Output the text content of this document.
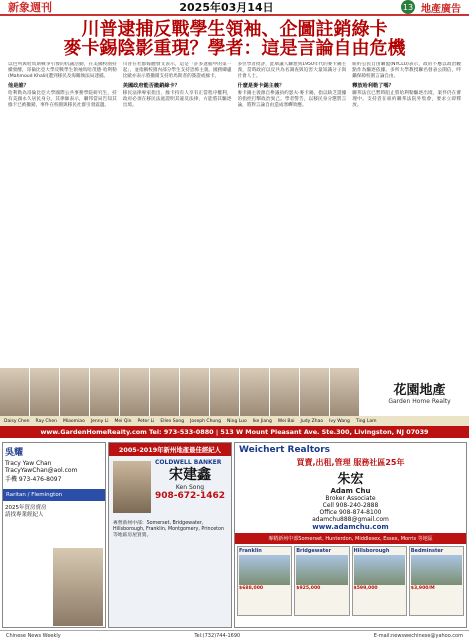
新象週刊	2025年03月14日	13 地產廣告
川普逮捕反戰學生領袖、企圖註銷綠卡
麥卡錫陰影重現？學者：這是言論自由危機

以色列與哈馬斯戰爭引發的抗議活動，在美國校園持續發酵，哥倫比亞大學反戰學生領袖馬哈茂德·哈利勒(Mahmoud Khalil)遭到移民及海關執法局逮捕。

他是誰？

哈利勒為哥倫比亞大學國際公共事務學院研究生，持有美國永久居民身分。其律師表示，聯邦當局告知其綠卡已被撤銷，事件在校園與移民社群引發震盪。

川普在社群媒體發文表示，這是「許多逮捕中的第一起」，並指稱校園內部分學生支持恐怖主義。國務卿盧比歐亦表示將撤銷支持哈馬斯者的簽證或綠卡。

美國政府能否撤銷綠卡？

移民法律專家指出，綠卡持有人享有正當程序權利，政府必須在移民法庭證明其違反法律，方能將其驅逐出境。

多位學者批評，此舉讓人聯想到1950年代的麥卡錫主義，當時政府以反共為名調查與迫害大量知識分子與社會人士。

什麼是麥卡錫主義？

麥卡錫主義源自參議員約瑟夫·麥卡錫，指以缺乏證據的指控打擊政治異己。學者警告，以移民身分懲罰言論，將對言論自由造成寒蟬效應。

紐約公民自由聯盟(NYCLU)表示，政府不應以政治觀點作為驅逐依據。多所大學教授聯名發表公開信，呼籲保障校園言論自由。

釋放哈利勒了嗎？

聯邦法官已暫時阻止將哈利勒驅逐出境，案件仍在審理中。支持者在紐約聯邦法院外集會，要求立即釋放。

花園地產
Garden Home Realty
Daisy Chen Ray Chen Miaomiao Jenny Li Mei Qin Peter Li Ellen Song Joseph Chung Ning Luo Ike Jiang Wei Bai Judy Zhao Ivy Wang Ting Lam
www.GardenHomeRealty.com Tel: 973-533-0880 | 513 W Mount Pleasant Ave. Ste.300, Livingston, NJ 07039
吳耀
Tracy Yaw Chan
TracyYawChan@aol.com
手機 973-476-8097
Raritan / Flemington
2025年買房賣房 請找專業經紀人
2005-2019年新州地產最佳經紀人
COLDWELL BANKER
宋建鑫
Ken Song
908-672-1462
專營新州中部：Somerset, Bridgewater, Hillsborough, Franklin, Montgomery, Princeton 等地區房屋買賣。
Weichert Realtors
買賣,出租,管理 服務社區25年
朱宏
Adam Chu
Broker Associate
Cell 908-240-2888
Office 908-874-8100
adamchu888@gmail.com
www.adamchu.com
專精新州中部Somerset, Hunterdon, Middlesex, Essex, Morris 等地區
Franklin
$688,000
Bridgewater
$925,000
Hillsborough
$599,000
Bedminster
$3,900/M
Chinese News Weekly	Tel:(732)744-1690	E-mail:newswechinese@yahoo.com
